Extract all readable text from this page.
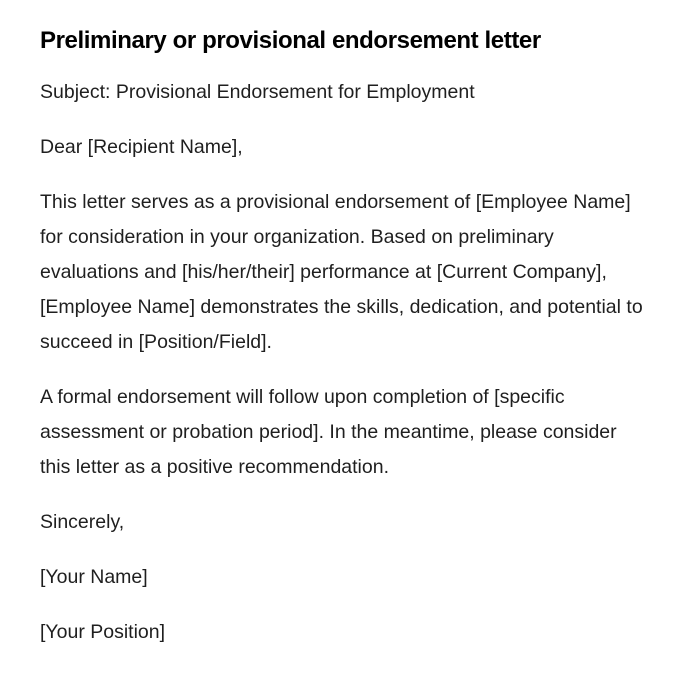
Preliminary or provisional endorsement letter

Subject: Provisional Endorsement for Employment

Dear [Recipient Name],

This letter serves as a provisional endorsement of [Employee Name] for consideration in your organization. Based on preliminary evaluations and [his/her/their] performance at [Current Company], [Employee Name] demonstrates the skills, dedication, and potential to succeed in [Position/Field].

A formal endorsement will follow upon completion of [specific assessment or probation period]. In the meantime, please consider this letter as a positive recommendation.

Sincerely,

[Your Name]

[Your Position]
